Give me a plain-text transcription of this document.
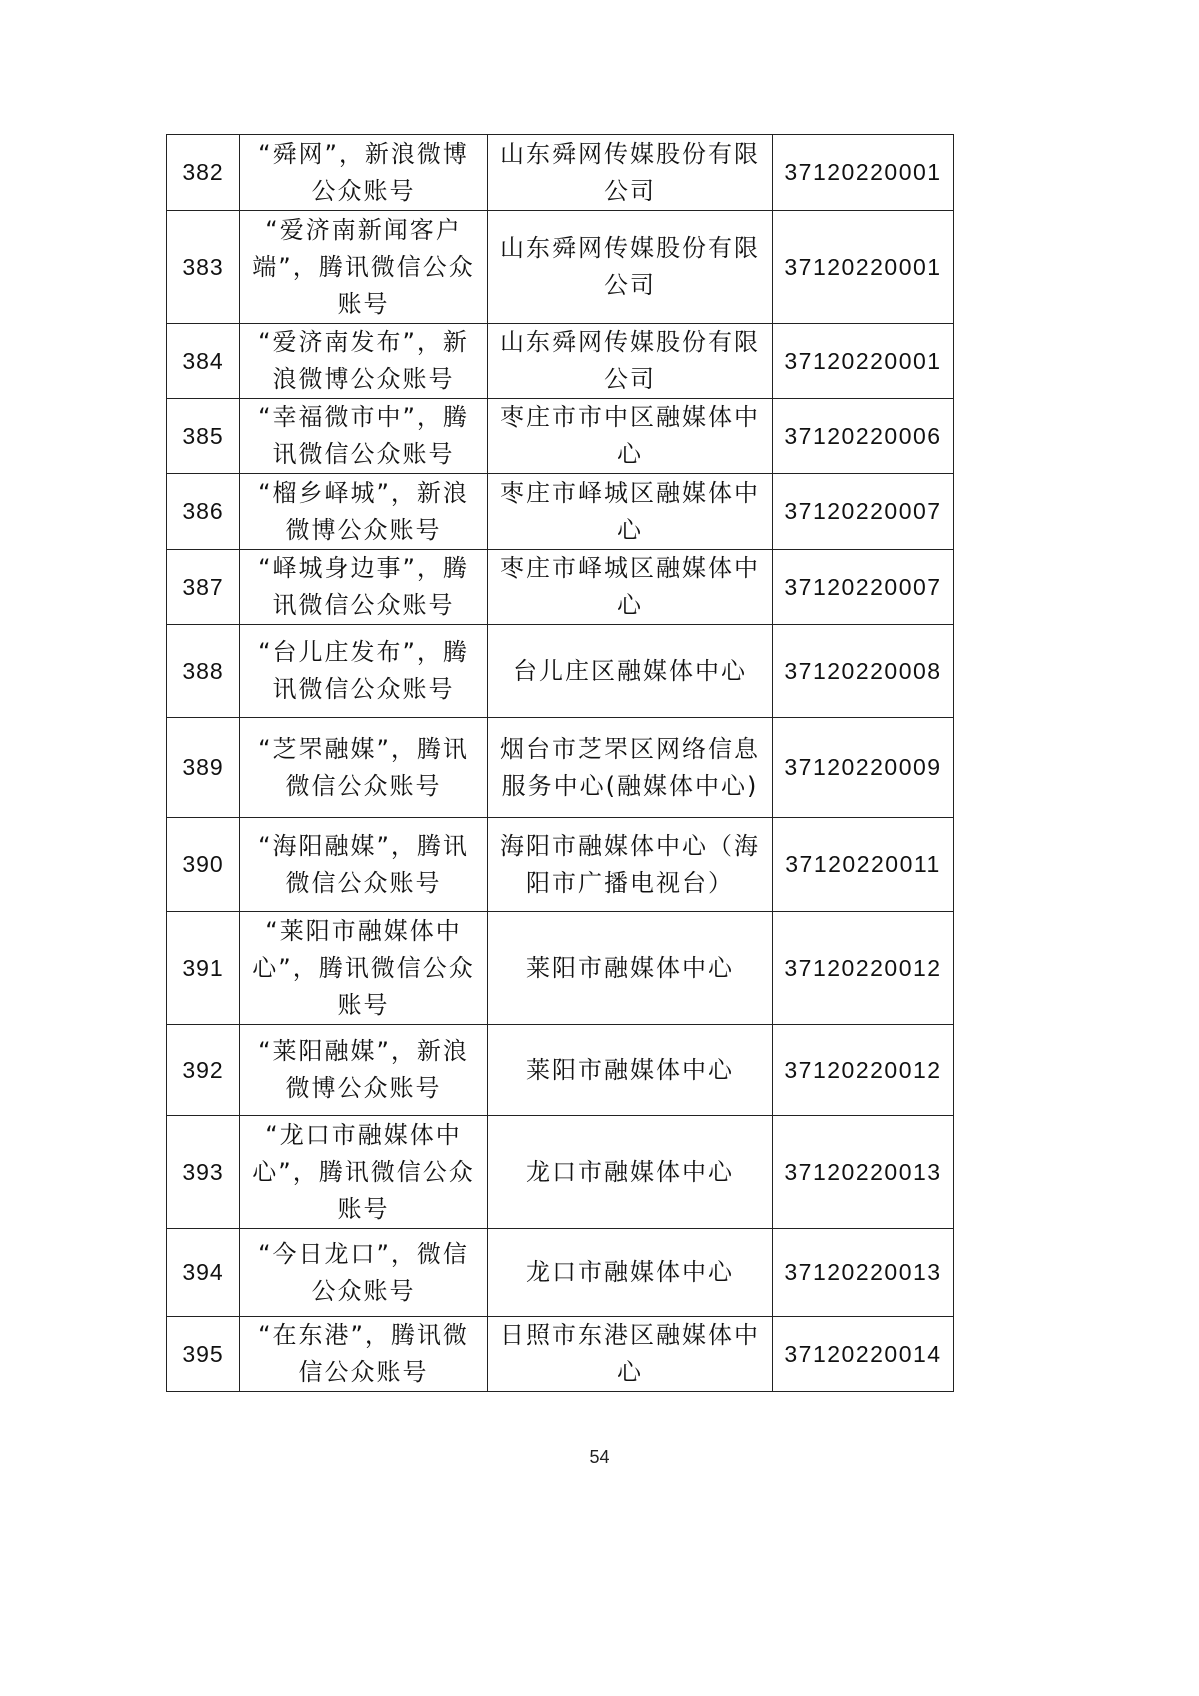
382	“舜网”，新浪微博公众账号	山东舜网传媒股份有限公司	37120220001
383	“爱济南新闻客户端”，腾讯微信公众账号	山东舜网传媒股份有限公司	37120220001
384	“爱济南发布”，新浪微博公众账号	山东舜网传媒股份有限公司	37120220001
385	“幸福微市中”，腾讯微信公众账号	枣庄市市中区融媒体中心	37120220006
386	“榴乡峄城”，新浪微博公众账号	枣庄市峄城区融媒体中心	37120220007
387	“峄城身边事”，腾讯微信公众账号	枣庄市峄城区融媒体中心	37120220007
388	“台儿庄发布”，腾讯微信公众账号	台儿庄区融媒体中心	37120220008
389	“芝罘融媒”，腾讯微信公众账号	烟台市芝罘区网络信息服务中心(融媒体中心)	37120220009
390	“海阳融媒”，腾讯微信公众账号	海阳市融媒体中心（海阳市广播电视台）	37120220011
391	“莱阳市融媒体中心”，腾讯微信公众账号	莱阳市融媒体中心	37120220012
392	“莱阳融媒”，新浪微博公众账号	莱阳市融媒体中心	37120220012
393	“龙口市融媒体中心”，腾讯微信公众账号	龙口市融媒体中心	37120220013
394	“今日龙口”，微信公众账号	龙口市融媒体中心	37120220013
395	“在东港”，腾讯微信公众账号	日照市东港区融媒体中心	37120220014
54
